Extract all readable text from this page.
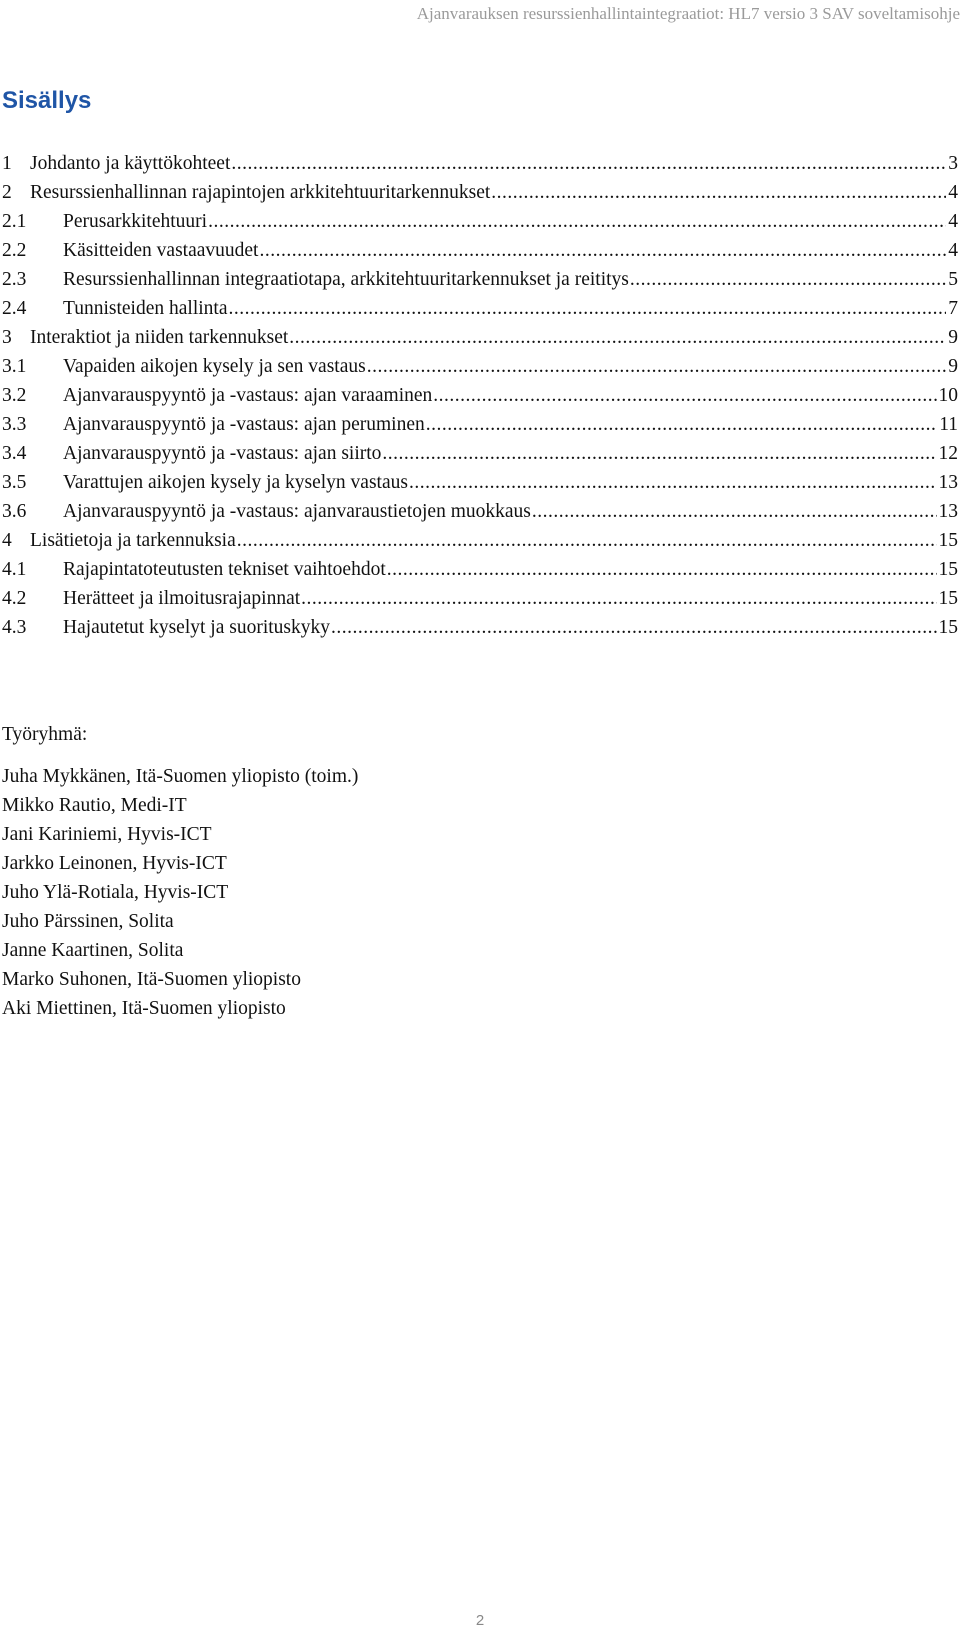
Ajanvarauksen resurssienhallintaintegraatiot: HL7 versio 3 SAV soveltamisohje
Sisällys
1 Johdanto ja käyttökohteet .....	3
2 Resurssienhallinnan rajapintojen arkkitehtuuritarkennukset .....	4
2.1	Perusarkkitehtuuri .....	4
2.2	Käsitteiden vastaavuudet .....	4
2.3	Resurssienhallinnan integraatiotapa, arkkitehtuuritarkennukset ja reititys .....	5
2.4	Tunnisteiden hallinta .....	7
3 Interaktiot ja niiden tarkennukset .....	9
3.1	Vapaiden aikojen kysely ja sen vastaus .....	9
3.2	Ajanvarauspyyntö ja -vastaus: ajan varaaminen .....	10
3.3	Ajanvarauspyyntö ja -vastaus: ajan peruminen .....	11
3.4	Ajanvarauspyyntö ja -vastaus: ajan siirto .....	12
3.5	Varattujen aikojen kysely ja kyselyn vastaus .....	13
3.6	Ajanvarauspyyntö ja -vastaus: ajanvaraustietojen muokkaus .....	13
4 Lisätietoja ja tarkennuksia .....	15
4.1	Rajapintatoteutusten tekniset vaihtoehdot .....	15
4.2	Herätteet ja ilmoitusrajapinnat .....	15
4.3	Hajautetut kyselyt ja suorituskyky .....	15
Työryhmä:
Juha Mykkänen, Itä-Suomen yliopisto (toim.)
Mikko Rautio, Medi-IT
Jani Kariniemi, Hyvis-ICT
Jarkko Leinonen, Hyvis-ICT
Juho Ylä-Rotiala, Hyvis-ICT
Juho Pärssinen, Solita
Janne Kaartinen, Solita
Marko Suhonen, Itä-Suomen yliopisto
Aki Miettinen, Itä-Suomen yliopisto
2
